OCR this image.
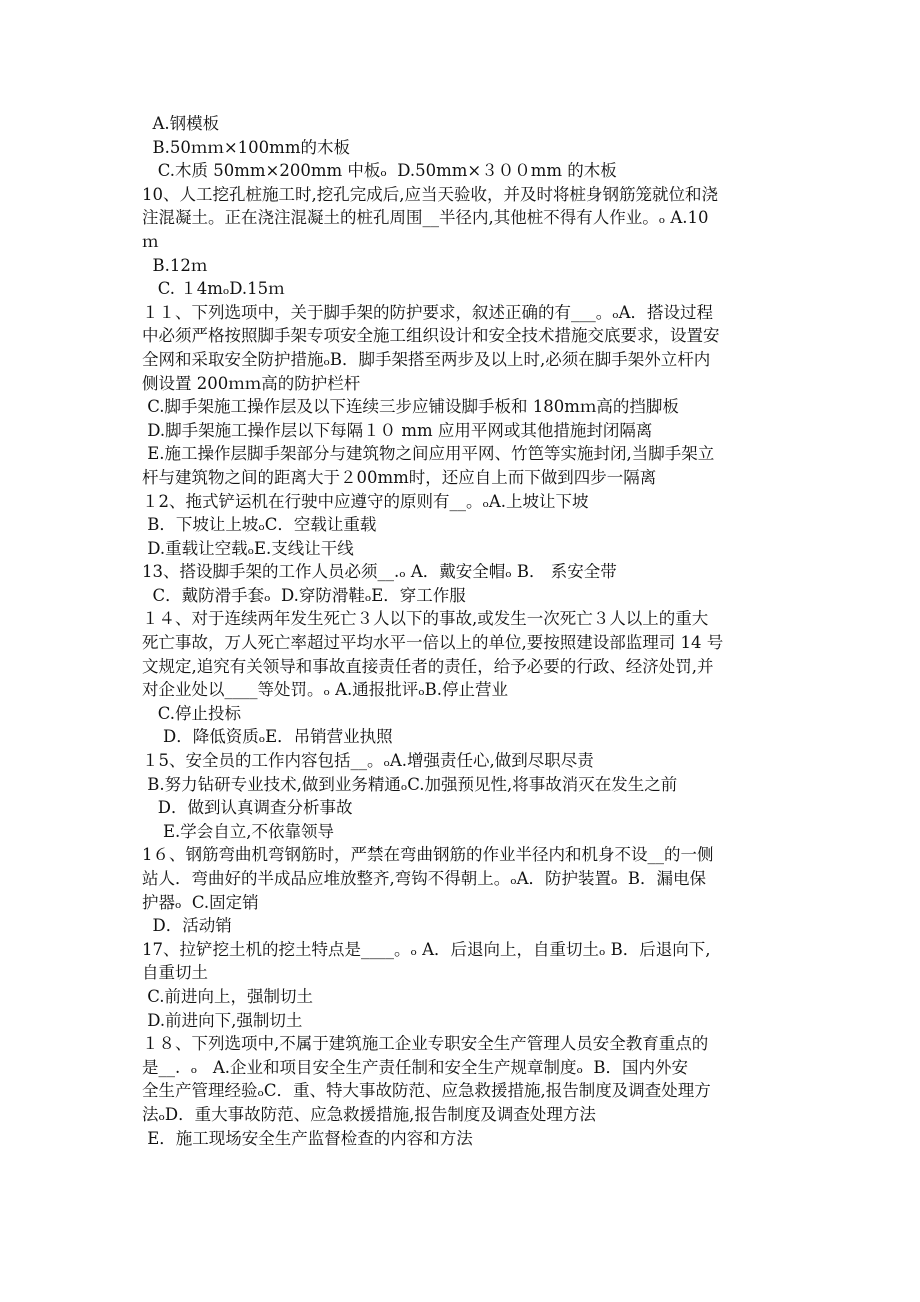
A.钢模板
B.50ｍｍ×100mm的木板
C.木质 50mm×200mm 中板ₒ  D.50mm×３００mm 的木板
10、人工挖孔桩施工时,挖孔完成后,应当天验收，并及时将桩身钢筋笼就位和浇
注混凝土。正在浇注混凝土的桩孔周围__半径内,其他桩不得有人作业。ₒ A.10
ｍ
B.12ｍ
C. １4mₒD.15ｍ
１１、下列选项中，关于脚手架的防护要求，叙述正确的有___。ₒA．搭设过程
中必须严格按照脚手架专项安全施工组织设计和安全技术措施交底要求，设置安
全网和采取安全防护措施ₒB．脚手架搭至两步及以上时,必须在脚手架外立杆内
侧设置 200ｍｍ高的防护栏杆
C.脚手架施工操作层及以下连续三步应铺设脚手板和 180mｍ高的挡脚板
D.脚手架施工操作层以下每隔１０ mm 应用平网或其他措施封闭隔离
E.施工操作层脚手架部分与建筑物之间应用平网、竹笆等实施封闭,当脚手架立
杆与建筑物之间的距离大于２00mm时，还应自上而下做到四步一隔离
１2、拖式铲运机在行驶中应遵守的原则有__。ₒA.上坡让下坡
B．下坡让上坡ₒC．空载让重载
D.重载让空载ₒE.支线让干线
13、搭设脚手架的工作人员必须__.ₒ A．戴安全帽ₒ B． 系安全带
C．戴防滑手套ₒ  D.穿防滑鞋ₒE．穿工作服
１４、对于连续两年发生死亡３人以下的事故,或发生一次死亡３人以上的重大
死亡事故，万人死亡率超过平均水平一倍以上的单位,要按照建设部监理司 14 号
文规定,追究有关领导和事故直接责任者的责任，给予必要的行政、经济处罚,并
对企业处以____等处罚。ₒ A.通报批评ₒB.停止营业
C.停止投标
D．降低资质ₒE．吊销营业执照
１5、安全员的工作内容包括__。ₒA.增强责任心,做到尽职尽责
B.努力钻研专业技术,做到业务精通ₒC.加强预见性,将事故消灭在发生之前
D．做到认真调查分析事故
E.学会自立,不依靠领导
1６、钢筋弯曲机弯钢筋时，严禁在弯曲钢筋的作业半径内和机身不设__的一侧
站人．弯曲好的半成品应堆放整齐,弯钩不得朝上。ₒA．防护装置ₒ  B．漏电保
护器ₒ  C.固定销
D．活动销
17、拉铲挖土机的挖土特点是____。ₒ A．后退向上，自重切土ₒ B．后退向下,
自重切土
C.前进向上，强制切土
D.前进向下,强制切土
１８、下列选项中,不属于建筑施工企业专职安全生产管理人员安全教育重点的
是__.  ₒ   A.企业和项目安全生产责任制和安全生产规章制度ₒ  B．国内外安
全生产管理经验ₒC．重、特大事故防范、应急救援措施,报告制度及调查处理方
法ₒD．重大事故防范、应急救援措施,报告制度及调查处理方法
E．施工现场安全生产监督检查的内容和方法
